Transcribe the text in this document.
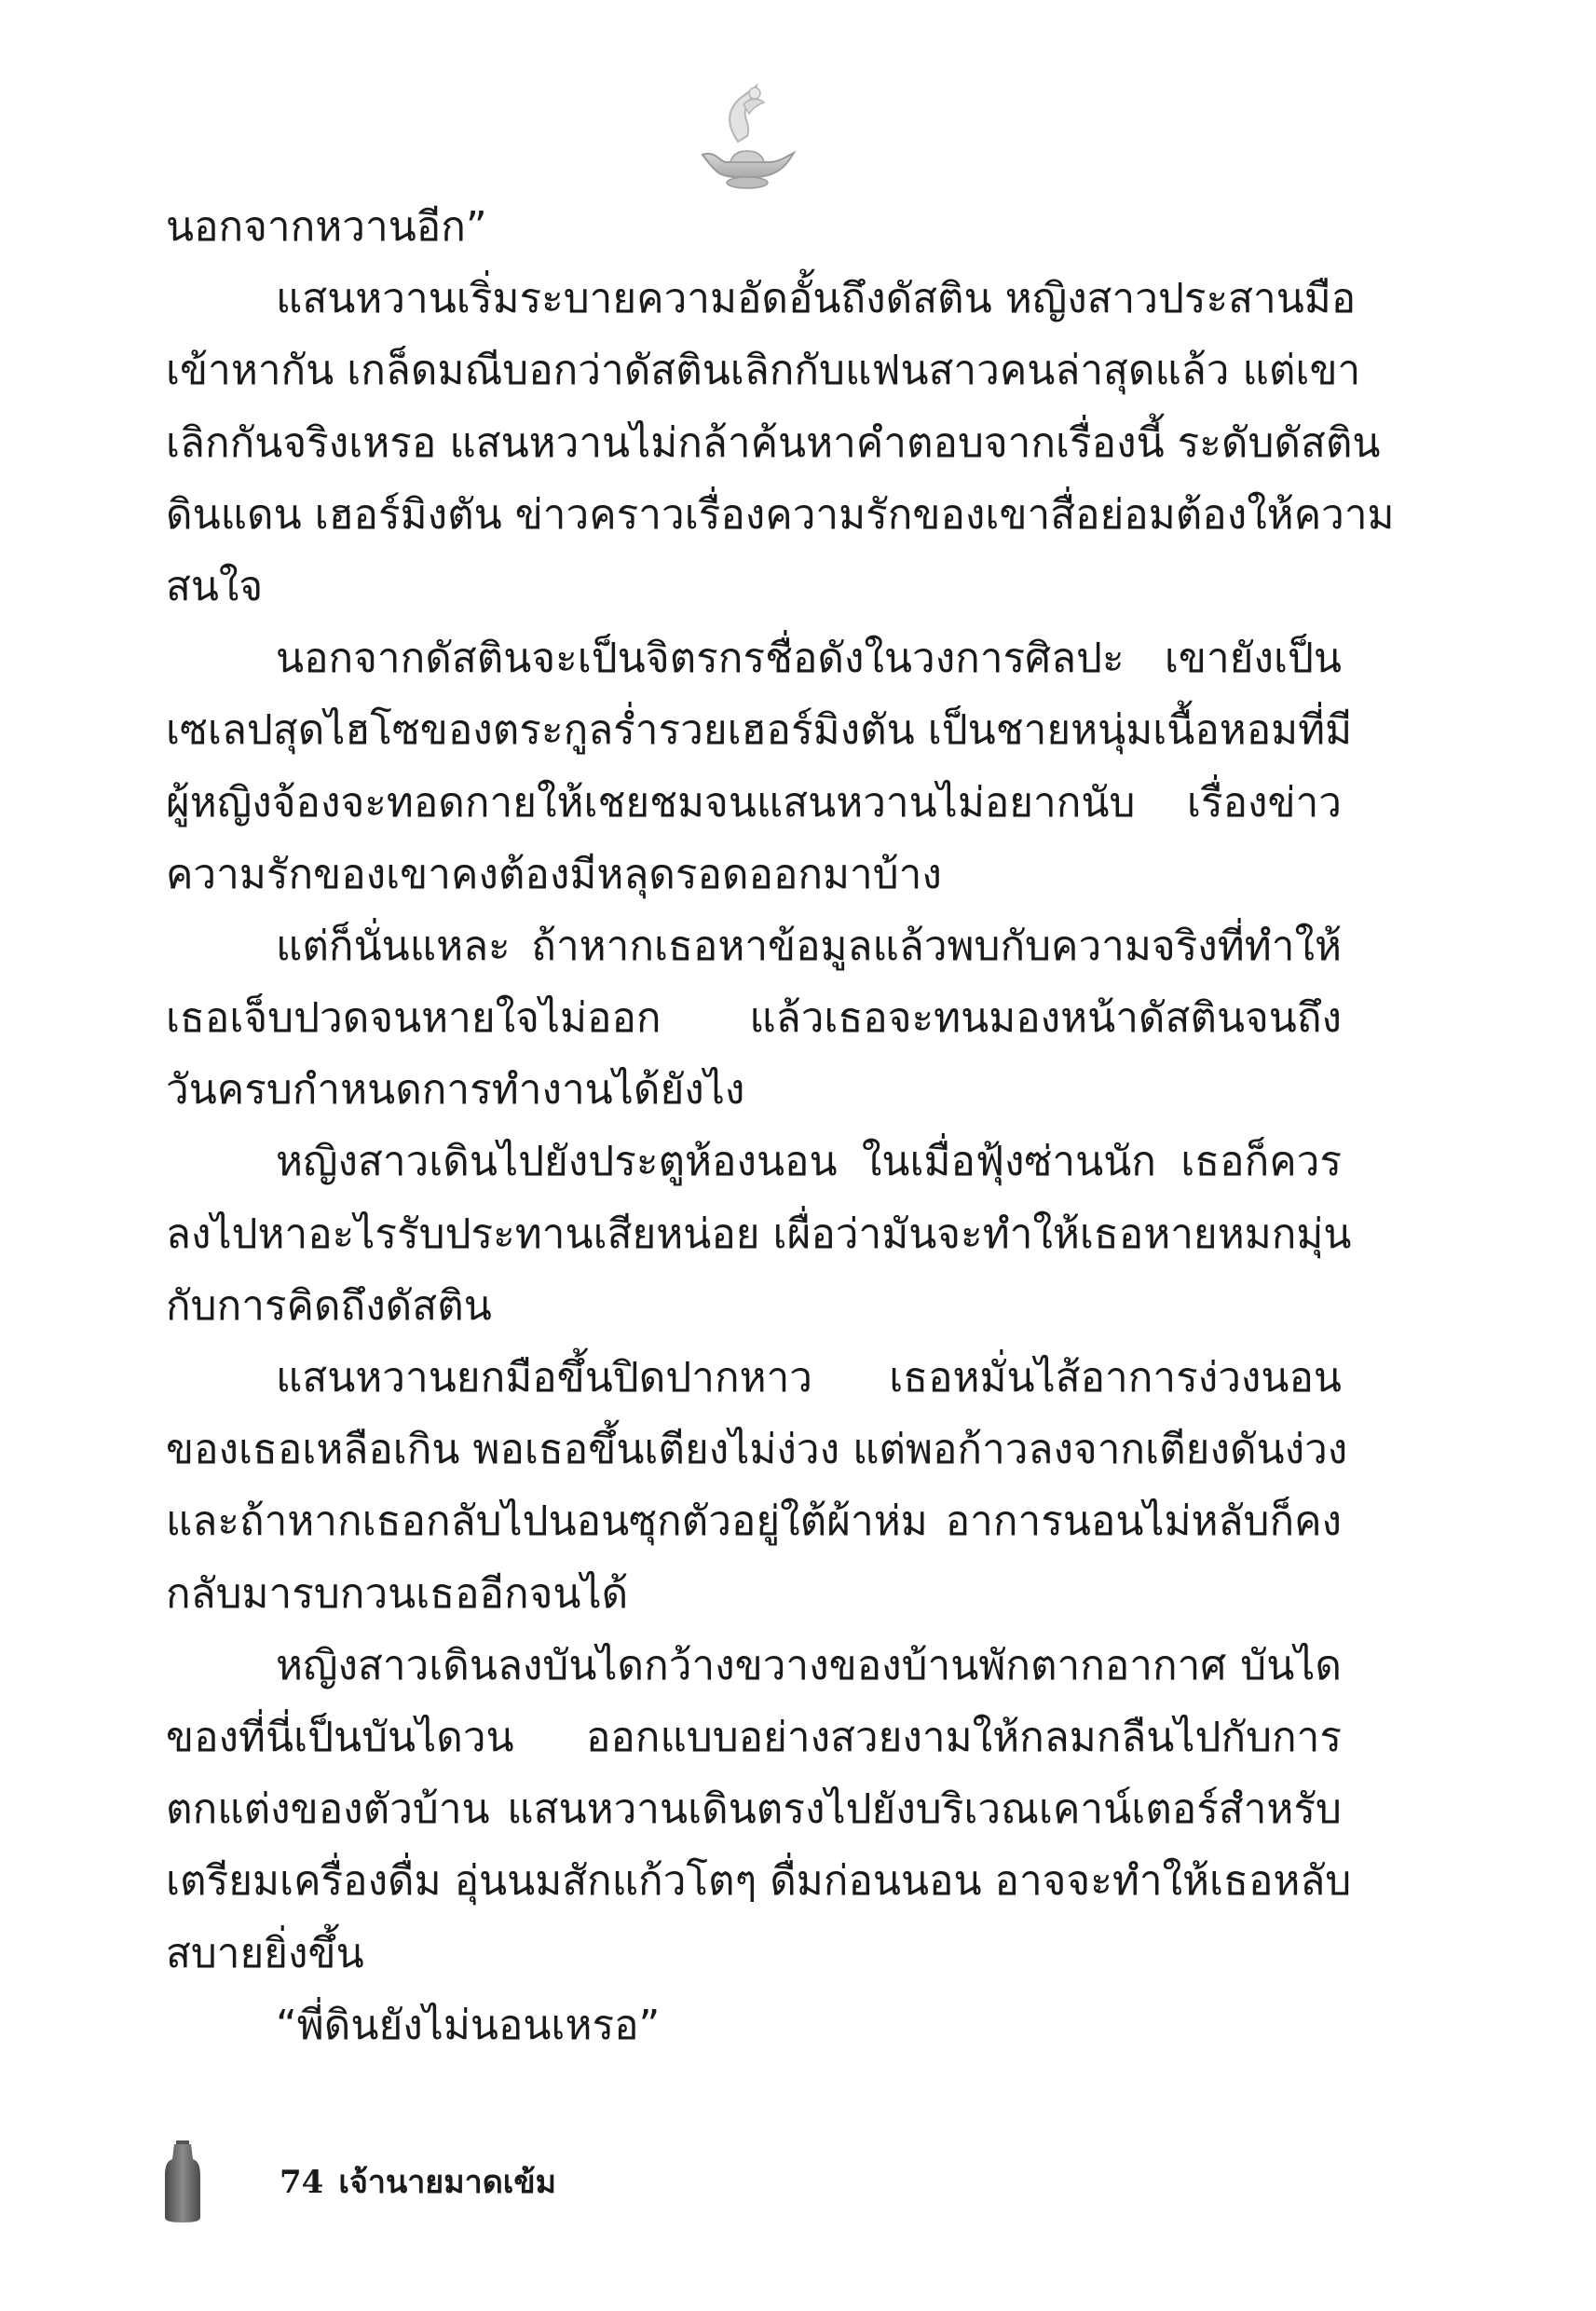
นอกจากหวานอีก”
แสนหวานเริ่มระบายความอัดอั้นถึงดัสติน หญิงสาวประสานมือ
เข้าหากัน เกล็ดมณีบอกว่าดัสตินเลิกกับแฟนสาวคนล่าสุดแล้ว แต่เขา
เลิกกันจริงเหรอ แสนหวานไม่กล้าค้นหาคำตอบจากเรื่องนี้ ระดับดัสติน
ดินแดน เฮอร์มิงตัน ข่าวคราวเรื่องความรักของเขาสื่อย่อมต้องให้ความ
สนใจ
นอกจากดัสตินจะเป็นจิตรกรชื่อดังในวงการศิลปะ เขายังเป็น
เซเลปสุดไฮโซของตระกูลร่ำรวยเฮอร์มิงตัน เป็นชายหนุ่มเนื้อหอมที่มี
ผู้หญิงจ้องจะทอดกายให้เชยชมจนแสนหวานไม่อยากนับ เรื่องข่าว
ความรักของเขาคงต้องมีหลุดรอดออกมาบ้าง
แต่ก็นั่นแหละ ถ้าหากเธอหาข้อมูลแล้วพบกับความจริงที่ทำให้
เธอเจ็บปวดจนหายใจไม่ออก แล้วเธอจะทนมองหน้าดัสตินจนถึง
วันครบกำหนดการทำงานได้ยังไง
หญิงสาวเดินไปยังประตูห้องนอน ในเมื่อฟุ้งซ่านนัก เธอก็ควร
ลงไปหาอะไรรับประทานเสียหน่อย เผื่อว่ามันจะทำให้เธอหายหมกมุ่น
กับการคิดถึงดัสติน
แสนหวานยกมือขึ้นปิดปากหาว เธอหมั่นไส้อาการง่วงนอน
ของเธอเหลือเกิน พอเธอขึ้นเตียงไม่ง่วง แต่พอก้าวลงจากเตียงดันง่วง
และถ้าหากเธอกลับไปนอนซุกตัวอยู่ใต้ผ้าห่ม อาการนอนไม่หลับก็คง
กลับมารบกวนเธออีกจนได้
หญิงสาวเดินลงบันไดกว้างขวางของบ้านพักตากอากาศ บันได
ของที่นี่เป็นบันไดวน ออกแบบอย่างสวยงามให้กลมกลืนไปกับการ
ตกแต่งของตัวบ้าน แสนหวานเดินตรงไปยังบริเวณเคาน์เตอร์สำหรับ
เตรียมเครื่องดื่ม อุ่นนมสักแก้วโตๆ ดื่มก่อนนอน อาจจะทำให้เธอหลับ
สบายยิ่งขึ้น
“พี่ดินยังไม่นอนเหรอ”
74 เจ้านายมาดเข้ม
